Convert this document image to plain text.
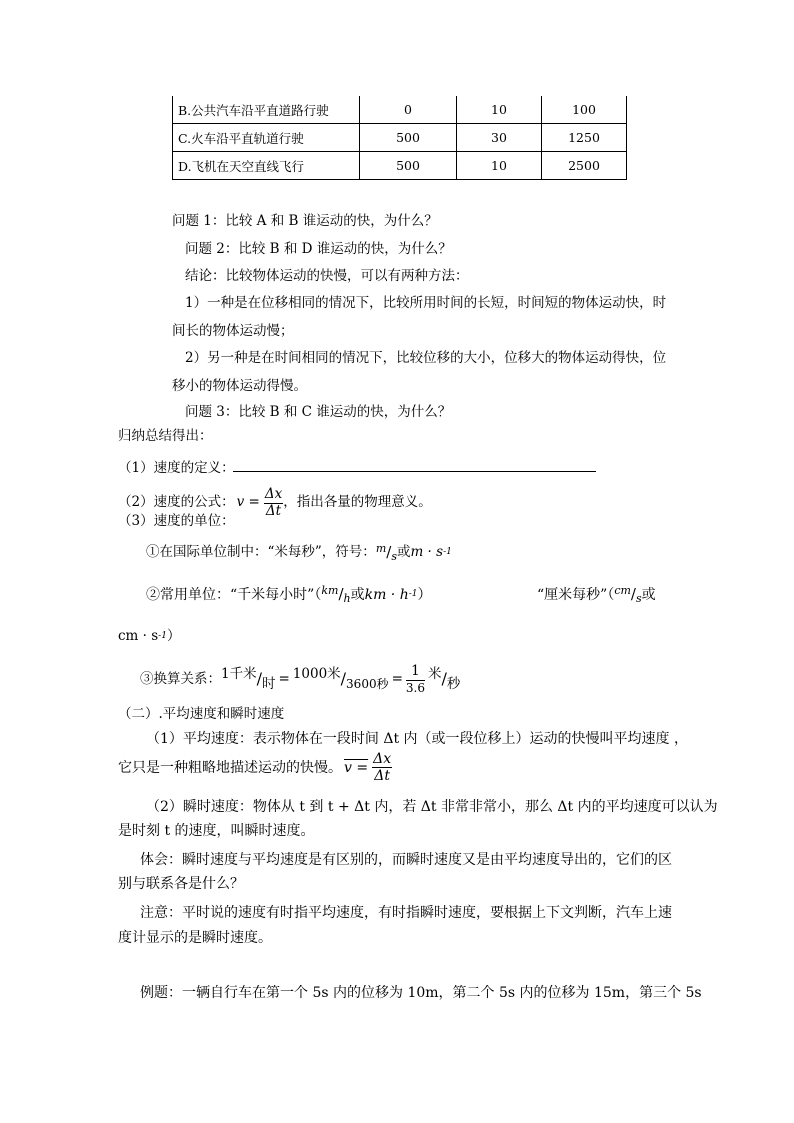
B.公共汽车沿平直道路行驶	0	10	100
C.火车沿平直轨道行驶	500	30	1250
D.飞机在天空直线飞行	500	10	2500
问题 1：比较 A 和 B 谁运动的快，为什么？
问题 2：比较 B 和 D 谁运动的快，为什么？
结论：比较物体运动的快慢，可以有两种方法：
1）一种是在位移相同的情况下，比较所用时间的长短，时间短的物体运动快，时
间长的物体运动慢；
2）另一种是在时间相同的情况下，比较位移的大小，位移大的物体运动得快，位
移小的物体运动得慢。
问题 3：比较 B 和 C 谁运动的快，为什么？
归纳总结得出：
（1）速度的定义：
（2）速度的公式： $v = \frac{\Delta x}{\Delta t}$ ，指出各量的物理意义。
（3）速度的单位：
①在国际单位制中：“米每秒”，符号： m / s 或 m · s -1
②常用单位：“千米每小时”（ km / h 或 km · h -1 ）	“厘米每秒”（ cm / s 或
cm · s -1 ）
③换算关系： 1千米 / 时 = 1000米 / 3600秒 = $\frac{1}{3.6}$ 米 / 秒
（二）.平均速度和瞬时速度
（1）平均速度：表示物体在一段时间 Δt 内（或一段位移上）运动的快慢叫平均速度 ，
它只是一种粗略地描述运动的快慢。 $v = \frac{\Delta x}{\Delta t}$
（2）瞬时速度：物体从 t 到 t + Δt 内，若 Δt 非常非常小，那么 Δt 内的平均速度可以认为
是时刻 t 的速度，叫瞬时速度。
体会：瞬时速度与平均速度是有区别的，而瞬时速度又是由平均速度导出的，它们的区
别与联系各是什么？
注意：平时说的速度有时指平均速度，有时指瞬时速度，要根据上下文判断，汽车上速
度计显示的是瞬时速度。
例题：一辆自行车在第一个 5s 内的位移为 10m，第二个 5s 内的位移为 15m，第三个 5s
